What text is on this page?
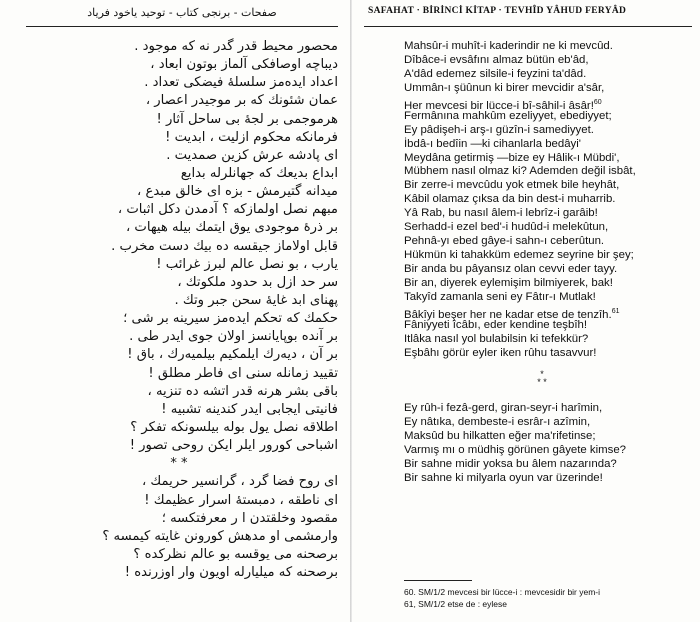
صفحات - برنجی کتاب - توحید یاخود فریاد
محصور محیط قدر گدر نه که موجود .
دیباچه اوصافکی آلماز بوتون ابعاد ،
اعداد ایدەمز سلسلهٔ فیضکی تعداد .
عمان شئونك که بر موجیدر اعصار ،
هرموجمی بر لجهٔ بی ساحل آثار !
فرمانکه محکوم ازلیت ، ابدیت !
ای پادشه عرش کزین صمدیت .
ابداع بدیعك که جهانلرله بدایع
میدانه گتیرمش - بزه ای خالق مبدع ،
مبهم نصل اولمازکه ؟ آدمدن دکل اثبات ،
بر ذرهٔ موجودی یوق ایتمك بیله هیهات ،
قابل اولاماز جیقسه ده بیك دست مخرب .
یارب ، بو نصل عالم لبرز غرائب !
سر حد ازل بد حدود ملکوتك ،
پهنای ابد غایهٔ سحن جبر وتك .
حکمك که تحکم ایدەمز سیرینه بر شی ؛
بر آنده بوپایانسز اولان جوی ایدر طی .
بر آن ، دیەرك ایلمکیم بیلمیەرك ، باق !
تقیید زمانله سنی ای فاطر مطلق !
باقی بشر هرنه قدر اتشه ده تنزیه ،
فانیتی ایجابی ایدر کندینه تشبیه !
اطلاقه نصل یول بوله بیلسونکه تفکر ؟
اشباحی کورور ایلر ایکن روحی تصور !
* *
ای روح فضا گرد ، گرانسیر حریمك ،
ای ناطقه ، دمبستهٔ اسرار عظیمك !
مقصود وخلقتدن ا ر معرفتکسه ؛
وارمشمی او مدهش کورونن غایته کیمسه ؟
برصحنه می یوقسه بو عالم نظرکده ؟
برصحنه که میلیارله اویون وار اوزرنده !
SAFAHAT · BİRİNCİ KİTAP · TEVHÎD YÂHUD FERYÂD
Mahsûr-i muhît-i kaderindir ne ki mevcûd.
Dîbâce-i evsâfını almaz bütün eb'âd,
A'dâd edemez silsile-i feyzini ta'dâd.
Ummân-ı şüûnun ki birer mevcidir a'sâr,
Her mevcesi bir lücce-i bî-sâhil-i âsâr!$^{60}$
Fermânına mahkûm ezeliyyet, ebediyyet;
Ey pâdişeh-i arş-ı güzîn-i samediyyet.
İbdâ-ı bedîin —ki cihanlarla bedâyi'
Meydâna getirmiş —bize ey Hâlik-ı Mübdi',
Mübhem nasıl olmaz ki? Ademden değil isbât,
Bir zerre-i mevcûdu yok etmek bile heyhât,
Kâbil olamaz çıksa da bin dest-i muharrib.
Yâ Rab, bu nasıl âlem-i lebrîz-i garâib!
Serhadd-i ezel bed'-i hudûd-i melekûtun,
Pehnâ-yı ebed gâye-i sahn-ı ceberûtun.
Hükmün ki tahakküm edemez seyrine bir şey;
Bir anda bu pâyansız olan cevvi eder tayy.
Bir an, diyerek eylemişim bilmiyerek, bak!
Takyîd zamanla seni ey Fâtır-ı Mutlak!
Bâkîyi beşer her ne kadar etse de tenzîh.$^{61}$
Fâniyyeti îcâbı, eder kendine teşbîh!
Itlâka nasıl yol bulabilsin ki tefekkür?
Eşbâhı görür eyler iken rûhu tasavvur!
*
* *
Ey rûh-i fezâ-gerd, giran-seyr-i harîmin,
Ey nâtıka, dembeste-i esrâr-ı azîmin,
Maksûd bu hilkatten eğer ma'rifetinse;
Varmış mı o müdhiş görünen gâyete kimse?
Bir sahne midir yoksa bu âlem nazarında?
Bir sahne ki milyarla oyun var üzerinde!
60. SM/1/2 mevcesi bir lücce-i : mevcesidir bir yem-i
61, SM/1/2 etse de : eylese
